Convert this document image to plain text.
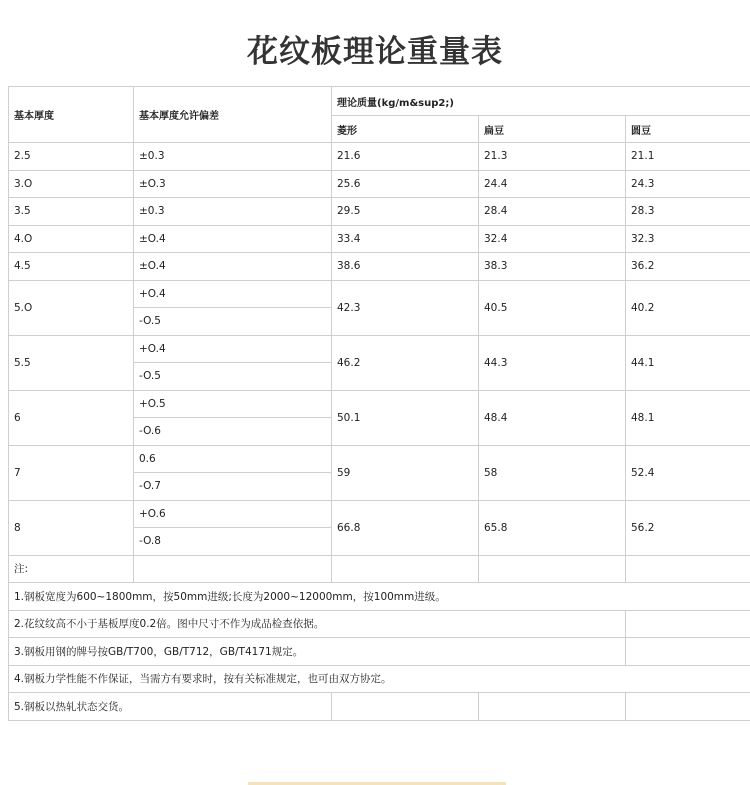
花纹板理论重量表
基本厚度	基本厚度允许偏差	理论质量(kg/m&sup2;)		
		菱形	扁豆	圆豆
2.5	±0.3	21.6	21.3	21.1
3.O	±O.3	25.6	24.4	24.3
3.5	±0.3	29.5	28.4	28.3
4.O	±O.4	33.4	32.4	32.3
4.5	±O.4	38.6	38.3	36.2
5.O	+O.4	42.3	40.5	40.2
	-O.5			
5.5	+O.4	46.2	44.3	44.1
	-O.5			
6	+O.5	50.1	48.4	48.1
	-O.6			
7	0.6	59	58	52.4
	-O.7			
8	+O.6	66.8	65.8	56.2
	-O.8			
注:				
1.钢板宽度为600~1800mm，按50mm进级;长度为2000~12000mm，按100mm进级。				
2.花纹纹高不小于基板厚度0.2倍。图中尺寸不作为成品检查依据。				
3.钢板用钢的牌号按GB/T700，GB/T712，GB/T4171规定。				
4.钢板力学性能不作保证，当需方有要求时，按有关标准规定，也可由双方协定。				
5.钢板以热轧状态交货。				
